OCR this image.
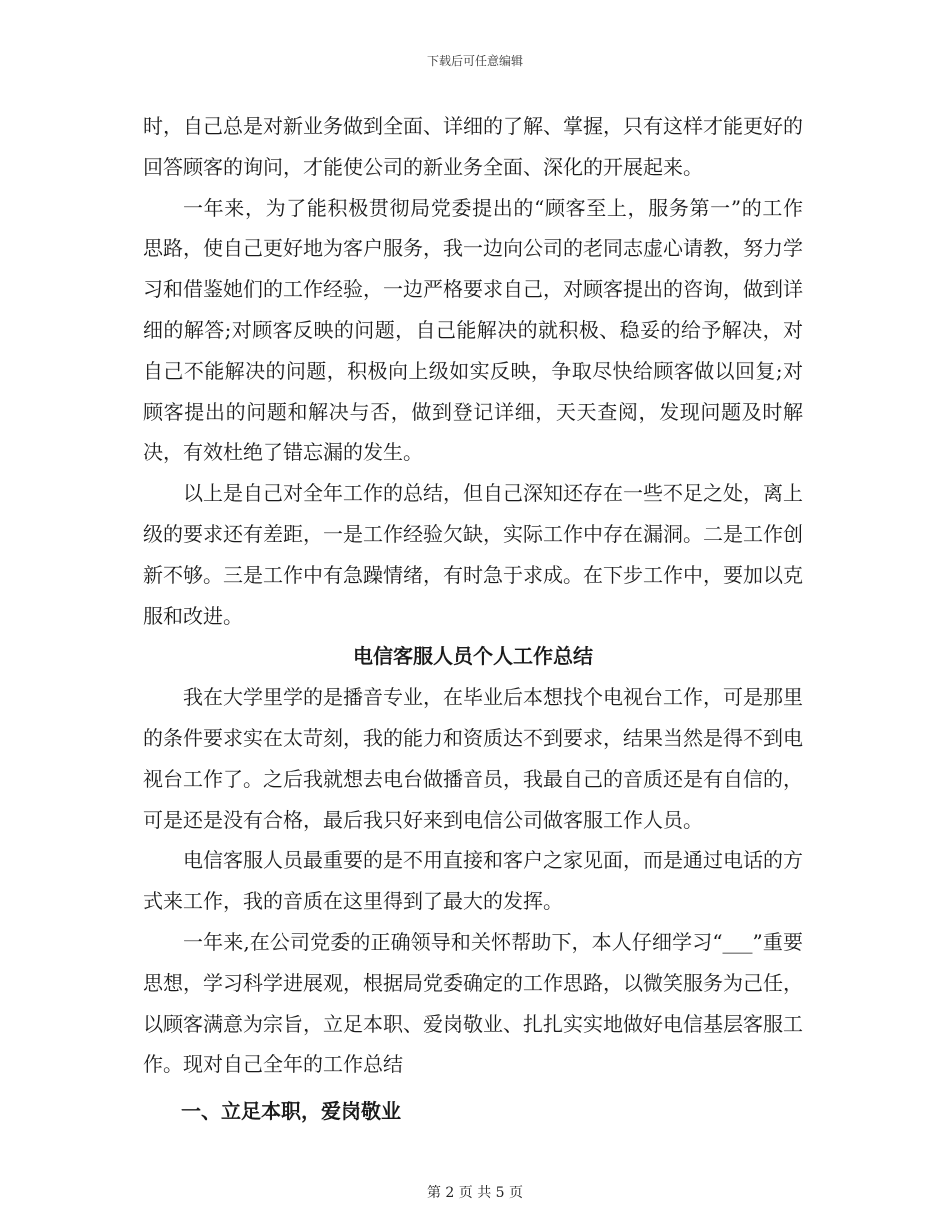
下载后可任意编辑

时，自己总是对新业务做到全面、详细的了解、掌握，只有这样才能更好的回答顾客的询问，才能使公司的新业务全面、深化的开展起来。

一年来，为了能积极贯彻局党委提出的“顾客至上，服务第一”的工作思路，使自己更好地为客户服务，我一边向公司的老同志虚心请教，努力学习和借鉴她们的工作经验，一边严格要求自己，对顾客提出的咨询，做到详细的解答;对顾客反映的问题，自己能解决的就积极、稳妥的给予解决，对自己不能解决的问题，积极向上级如实反映，争取尽快给顾客做以回复;对顾客提出的问题和解决与否，做到登记详细，天天查阅，发现问题及时解决，有效杜绝了错忘漏的发生。

以上是自己对全年工作的总结，但自己深知还存在一些不足之处，离上级的要求还有差距，一是工作经验欠缺，实际工作中存在漏洞。二是工作创新不够。三是工作中有急躁情绪，有时急于求成。在下步工作中，要加以克服和改进。

电信客服人员个人工作总结

我在大学里学的是播音专业，在毕业后本想找个电视台工作，可是那里的条件要求实在太苛刻，我的能力和资质达不到要求，结果当然是得不到电视台工作了。之后我就想去电台做播音员，我最自己的音质还是有自信的，可是还是没有合格，最后我只好来到电信公司做客服工作人员。

电信客服人员最重要的是不用直接和客户之家见面，而是通过电话的方式来工作，我的音质在这里得到了最大的发挥。

一年来,在公司党委的正确领导和关怀帮助下，本人仔细学习“___”重要思想，学习科学进展观，根据局党委确定的工作思路，以微笑服务为己任，以顾客满意为宗旨，立足本职、爱岗敬业、扎扎实实地做好电信基层客服工作。现对自己全年的工作总结

一、立足本职，爱岗敬业

第 2 页 共 5 页
